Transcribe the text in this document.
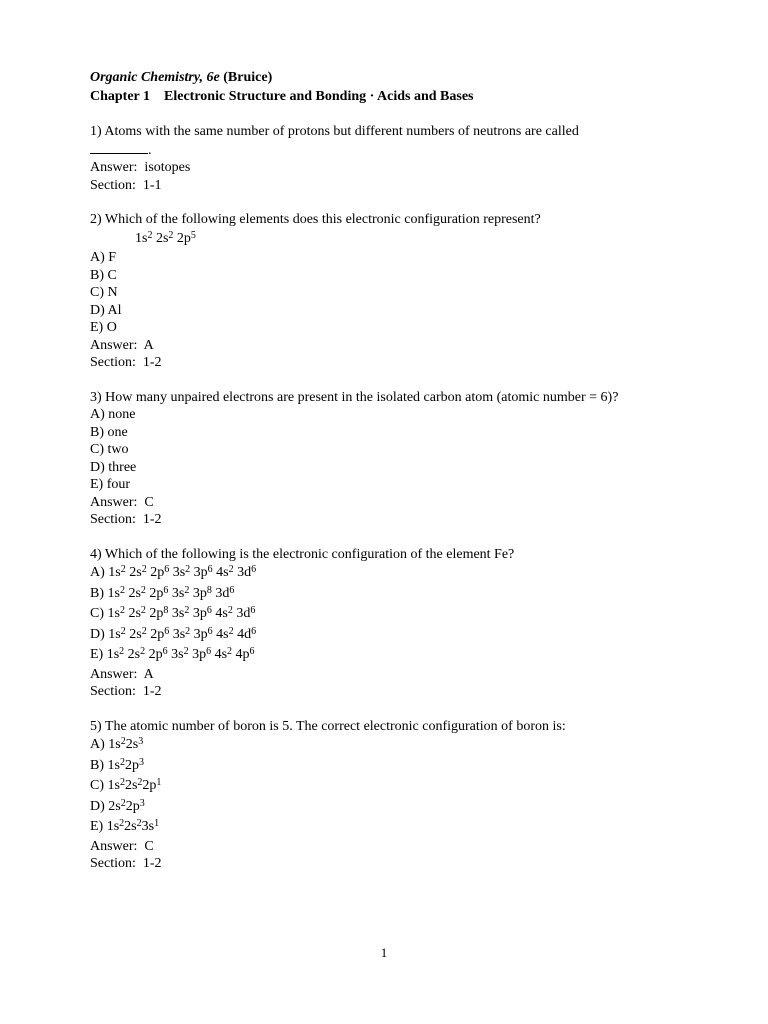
Organic Chemistry, 6e (Bruice)
Chapter 1 Electronic Structure and Bonding · Acids and Bases
1) Atoms with the same number of protons but different numbers of neutrons are called
.
Answer:  isotopes
Section:  1-1
2) Which of the following elements does this electronic configuration represent?
$1s^2$ $2s^2$ $2p^5$
A) F
B) C
C) N
D) Al
E) O
Answer:  A
Section:  1-2
3) How many unpaired electrons are present in the isolated carbon atom (atomic number = 6)?
A) none
B) one
C) two
D) three
E) four
Answer:  C
Section:  1-2
4) Which of the following is the electronic configuration of the element Fe?
A) $1s^2$ $2s^2$ $2p^6$ $3s^2$ $3p^6$ $4s^2$ $3d^6$
B) $1s^2$ $2s^2$ $2p^6$ $3s^2$ $3p^8$ $3d^6$
C) $1s^2$ $2s^2$ $2p^8$ $3s^2$ $3p^6$ $4s^2$ $3d^6$
D) $1s^2$ $2s^2$ $2p^6$ $3s^2$ $3p^6$ $4s^2$ $4d^6$
E) $1s^2$ $2s^2$ $2p^6$ $3s^2$ $3p^6$ $4s^2$ $4p^6$
Answer:  A
Section:  1-2
5) The atomic number of boron is 5. The correct electronic configuration of boron is:
A) $1s^22s^3$
B) $1s^22p^3$
C) $1s^22s^22p^1$
D) $2s^22p^3$
E) $1s^22s^23s^1$
Answer:  C
Section:  1-2
1
